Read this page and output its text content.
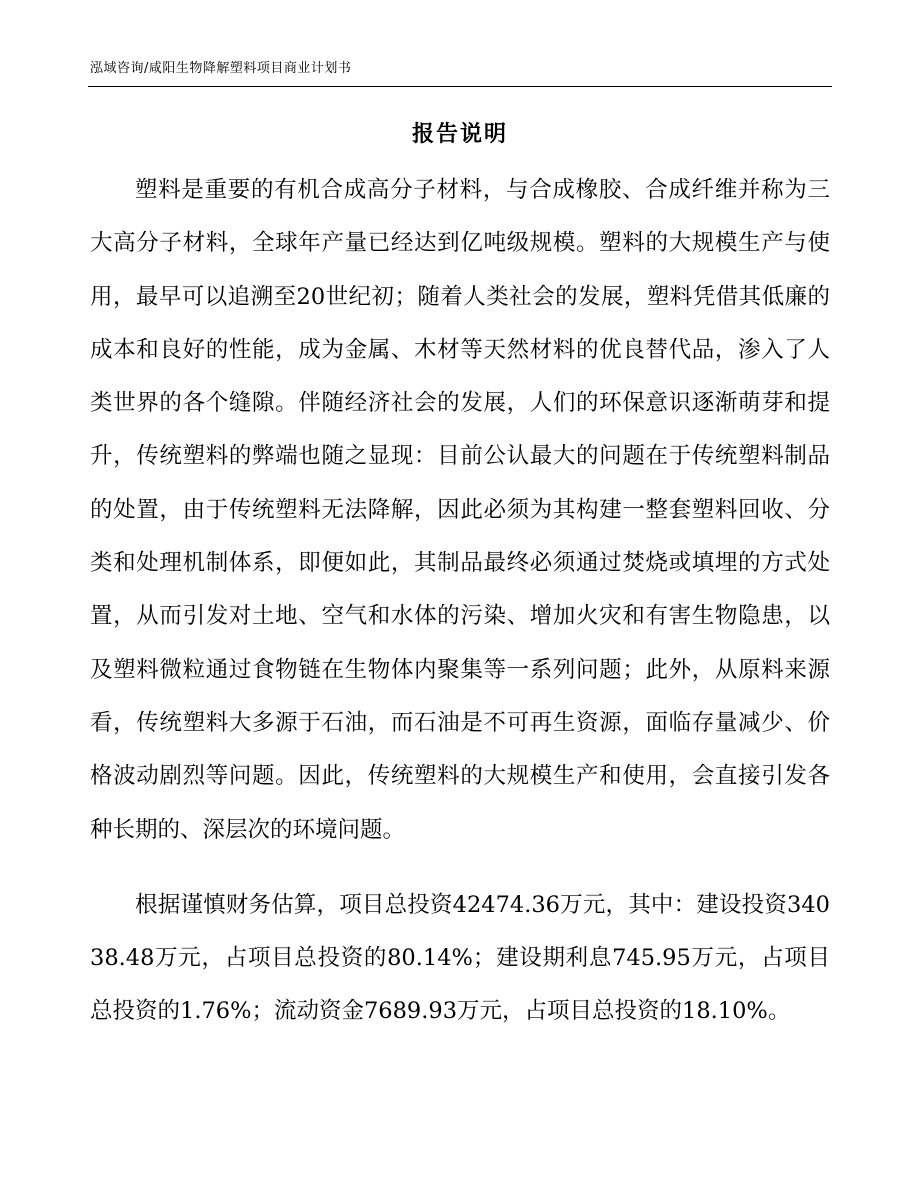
泓域咨询/咸阳生物降解塑料项目商业计划书
报告说明

塑料是重要的有机合成高分子材料，与合成橡胶、合成纤维并称为三大高分子材料，全球年产量已经达到亿吨级规模。塑料的大规模生产与使用，最早可以追溯至20世纪初；随着人类社会的发展，塑料凭借其低廉的成本和良好的性能，成为金属、木材等天然材料的优良替代品，渗入了人类世界的各个缝隙。伴随经济社会的发展，人们的环保意识逐渐萌芽和提升，传统塑料的弊端也随之显现：目前公认最大的问题在于传统塑料制品的处置，由于传统塑料无法降解，因此必须为其构建一整套塑料回收、分类和处理机制体系，即便如此，其制品最终必须通过焚烧或填埋的方式处置，从而引发对土地、空气和水体的污染、增加火灾和有害生物隐患，以及塑料微粒通过食物链在生物体内聚集等一系列问题；此外，从原料来源看，传统塑料大多源于石油，而石油是不可再生资源，面临存量减少、价格波动剧烈等问题。因此，传统塑料的大规模生产和使用，会直接引发各种长期的、深层次的环境问题。

根据谨慎财务估算，项目总投资42474.36万元，其中：建设投资34038.48万元，占项目总投资的80.14%；建设期利息745.95万元，占项目总投资的1.76%；流动资金7689.93万元，占项目总投资的18.10%。
